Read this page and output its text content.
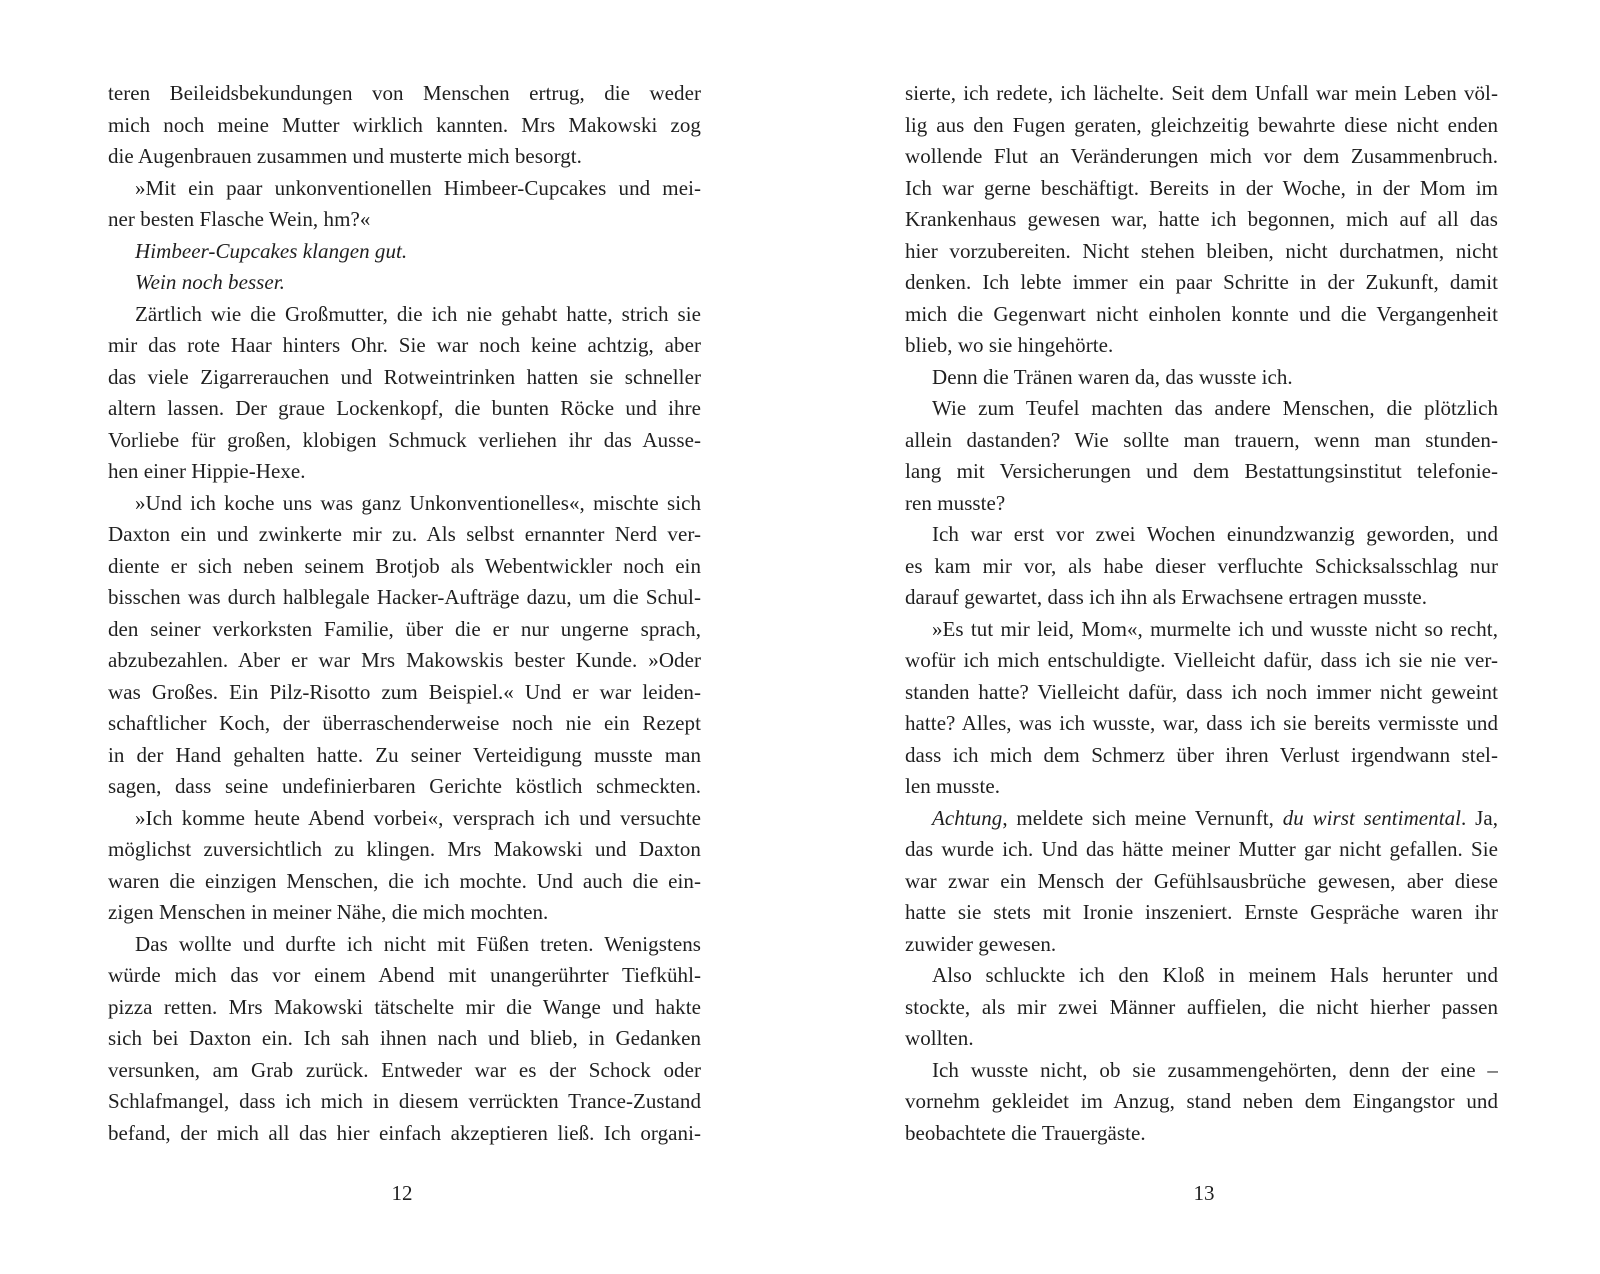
teren Beileidsbekundungen von Menschen ertrug, die weder
mich noch meine Mutter wirklich kannten. Mrs Makowski zog
die Augenbrauen zusammen und musterte mich besorgt.
»Mit ein paar unkonventionellen Himbeer-Cupcakes und mei-
ner besten Flasche Wein, hm?«
Himbeer-Cupcakes klangen gut.
Wein noch besser.
Zärtlich wie die Großmutter, die ich nie gehabt hatte, strich sie
mir das rote Haar hinters Ohr. Sie war noch keine achtzig, aber
das viele Zigarrerauchen und Rotweintrinken hatten sie schneller
altern lassen. Der graue Lockenkopf, die bunten Röcke und ihre
Vorliebe für großen, klobigen Schmuck verliehen ihr das Ausse-
hen einer Hippie-Hexe.
»Und ich koche uns was ganz Unkonventionelles«, mischte sich
Daxton ein und zwinkerte mir zu. Als selbst ernannter Nerd ver-
diente er sich neben seinem Brotjob als Webentwickler noch ein
bisschen was durch halblegale Hacker-Aufträge dazu, um die Schul-
den seiner verkorksten Familie, über die er nur ungerne sprach,
abzubezahlen. Aber er war Mrs Makowskis bester Kunde. »Oder
was Großes. Ein Pilz-Risotto zum Beispiel.« Und er war leiden-
schaftlicher Koch, der überraschenderweise noch nie ein Rezept
in der Hand gehalten hatte. Zu seiner Verteidigung musste man
sagen, dass seine undefinierbaren Gerichte köstlich schmeckten.
»Ich komme heute Abend vorbei«, versprach ich und versuchte
möglichst zuversichtlich zu klingen. Mrs Makowski und Daxton
waren die einzigen Menschen, die ich mochte. Und auch die ein-
zigen Menschen in meiner Nähe, die mich mochten.
Das wollte und durfte ich nicht mit Füßen treten. Wenigstens
würde mich das vor einem Abend mit unangerührter Tiefkühl-
pizza retten. Mrs Makowski tätschelte mir die Wange und hakte
sich bei Daxton ein. Ich sah ihnen nach und blieb, in Gedanken
versunken, am Grab zurück. Entweder war es der Schock oder
Schlafmangel, dass ich mich in diesem verrückten Trance-Zustand
befand, der mich all das hier einfach akzeptieren ließ. Ich organi-
12
sierte, ich redete, ich lächelte. Seit dem Unfall war mein Leben völ-
lig aus den Fugen geraten, gleichzeitig bewahrte diese nicht enden
wollende Flut an Veränderungen mich vor dem Zusammenbruch.
Ich war gerne beschäftigt. Bereits in der Woche, in der Mom im
Krankenhaus gewesen war, hatte ich begonnen, mich auf all das
hier vorzubereiten. Nicht stehen bleiben, nicht durchatmen, nicht
denken. Ich lebte immer ein paar Schritte in der Zukunft, damit
mich die Gegenwart nicht einholen konnte und die Vergangenheit
blieb, wo sie hingehörte.
Denn die Tränen waren da, das wusste ich.
Wie zum Teufel machten das andere Menschen, die plötzlich
allein dastanden? Wie sollte man trauern, wenn man stunden-
lang mit Versicherungen und dem Bestattungsinstitut telefonie-
ren musste?
Ich war erst vor zwei Wochen einundzwanzig geworden, und
es kam mir vor, als habe dieser verfluchte Schicksalsschlag nur
darauf gewartet, dass ich ihn als Erwachsene ertragen musste.
»Es tut mir leid, Mom«, murmelte ich und wusste nicht so recht,
wofür ich mich entschuldigte. Vielleicht dafür, dass ich sie nie ver-
standen hatte? Vielleicht dafür, dass ich noch immer nicht geweint
hatte? Alles, was ich wusste, war, dass ich sie bereits vermisste und
dass ich mich dem Schmerz über ihren Verlust irgendwann stel-
len musste.
Achtung, meldete sich meine Vernunft, du wirst sentimental. Ja,
das wurde ich. Und das hätte meiner Mutter gar nicht gefallen. Sie
war zwar ein Mensch der Gefühlsausbrüche gewesen, aber diese
hatte sie stets mit Ironie inszeniert. Ernste Gespräche waren ihr
zuwider gewesen.
Also schluckte ich den Kloß in meinem Hals herunter und
stockte, als mir zwei Männer auffielen, die nicht hierher passen
wollten.
Ich wusste nicht, ob sie zusammengehörten, denn der eine –
vornehm gekleidet im Anzug, stand neben dem Eingangstor und
beobachtete die Trauergäste.
13
